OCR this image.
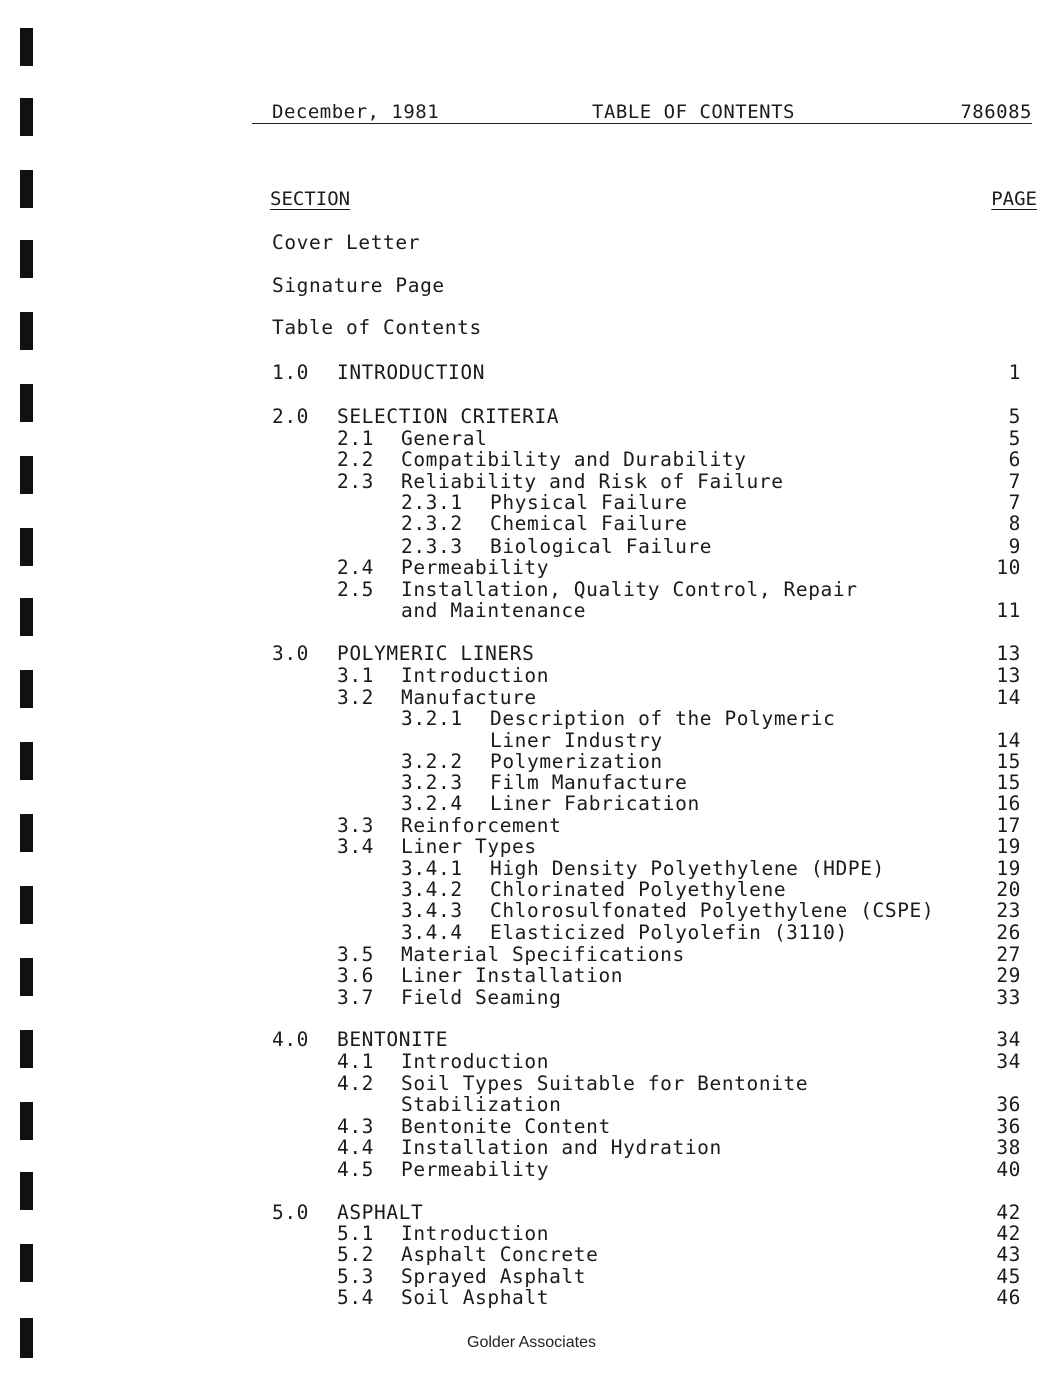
December, 1981	TABLE OF CONTENTS	786085
SECTION	PAGE
Cover Letter
Signature Page
Table of Contents
1.0 INTRODUCTION	1
2.0 SELECTION CRITERIA	5
2.1 General	5
2.2 Compatibility and Durability	6
2.3 Reliability and Risk of Failure	7
2.3.1 Physical Failure	7
2.3.2 Chemical Failure	8
2.3.3 Biological Failure	9
2.4 Permeability	10
2.5 Installation, Quality Control, Repair
and Maintenance	11
3.0 POLYMERIC LINERS	13
3.1 Introduction	13
3.2 Manufacture	14
3.2.1 Description of the Polymeric
Liner Industry	14
3.2.2 Polymerization	15
3.2.3 Film Manufacture	15
3.2.4 Liner Fabrication	16
3.3 Reinforcement	17
3.4 Liner Types	19
3.4.1 High Density Polyethylene (HDPE)	19
3.4.2 Chlorinated Polyethylene	20
3.4.3 Chlorosulfonated Polyethylene (CSPE)	23
3.4.4 Elasticized Polyolefin (3110)	26
3.5 Material Specifications	27
3.6 Liner Installation	29
3.7 Field Seaming	33
4.0 BENTONITE	34
4.1 Introduction	34
4.2 Soil Types Suitable for Bentonite
Stabilization	36
4.3 Bentonite Content	36
4.4 Installation and Hydration	38
4.5 Permeability	40
5.0 ASPHALT	42
5.1 Introduction	42
5.2 Asphalt Concrete	43
5.3 Sprayed Asphalt	45
5.4 Soil Asphalt	46
Golder Associates
